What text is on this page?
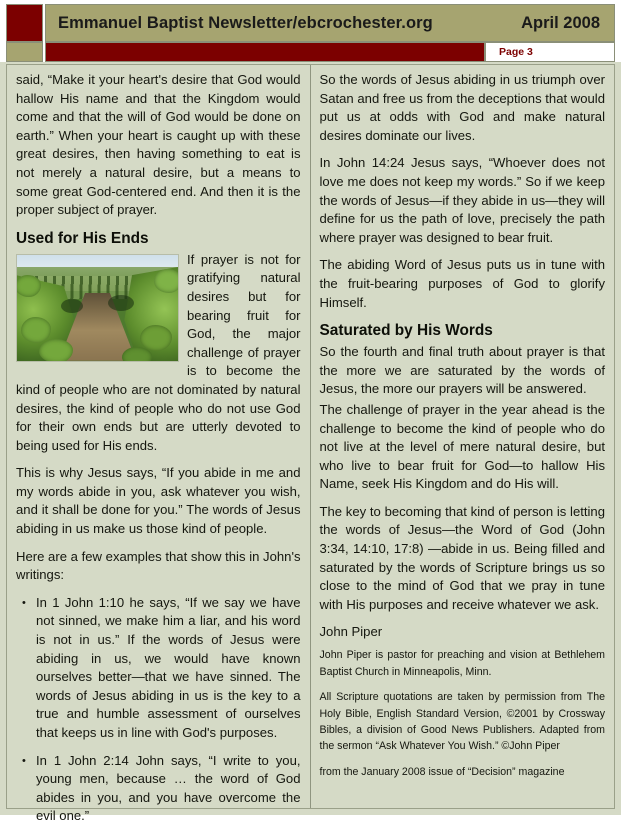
Emmanuel Baptist Newsletter/ebcrochester.org	April 2008
Page 3

said, “Make it your heart's desire that God would hallow His name and that the Kingdom would come and that the will of God would be done on earth.” When your heart is caught up with these great desires, then having something to eat is not merely a natural desire, but a means to some great God-centered end. And then it is the proper subject of prayer.

Used for His Ends

If prayer is not for gratifying natural desires but for bearing fruit for God, the major challenge of prayer is to become the kind of people who are not dominated by natural desires, the kind of people who do not use God for their own ends but are utterly devoted to being used for His ends.

This is why Jesus says, “If you abide in me and my words abide in you, ask whatever you wish, and it shall be done for you.” The words of Jesus abiding in us make us those kind of people.

Here are a few examples that show this in John's writings:

• In 1 John 1:10 he says, “If we say we have not sinned, we make him a liar, and his word is not in us.” If the words of Jesus were abiding in us, we would have known ourselves better—that we have sinned. The words of Jesus abiding in us is the key to a true and humble assessment of ourselves that keeps us in line with God's purposes.

• In 1 John 2:14 John says, “I write to you, young men, because … the word of God abides in you, and you have overcome the evil one.”

So the words of Jesus abiding in us triumph over Satan and free us from the deceptions that would put us at odds with God and make natural desires dominate our lives.

In John 14:24 Jesus says, “Whoever does not love me does not keep my words.” So if we keep the words of Jesus—if they abide in us—they will define for us the path of love, precisely the path where prayer was designed to bear fruit.

The abiding Word of Jesus puts us in tune with the fruit-bearing purposes of God to glorify Himself.

Saturated by His Words

So the fourth and final truth about prayer is that the more we are saturated by the words of Jesus, the more our prayers will be answered.

The challenge of prayer in the year ahead is the challenge to become the kind of people who do not live at the level of mere natural desire, but who live to bear fruit for God—to hallow His Name, seek His Kingdom and do His will.

The key to becoming that kind of person is letting the words of Jesus—the Word of God (John 3:34, 14:10, 17:8) —abide in us. Being filled and saturated by the words of Scripture brings us so close to the mind of God that we pray in tune with His purposes and receive whatever we ask.

John Piper

John Piper is pastor for preaching and vision at Bethlehem Baptist Church in Minneapolis, Minn.

All Scripture quotations are taken by permission from The Holy Bible, English Standard Version, ©2001 by Crossway Bibles, a division of Good News Publishers. Adapted from the sermon “Ask Whatever You Wish.” ©John Piper

from the January 2008 issue of “Decision” magazine
